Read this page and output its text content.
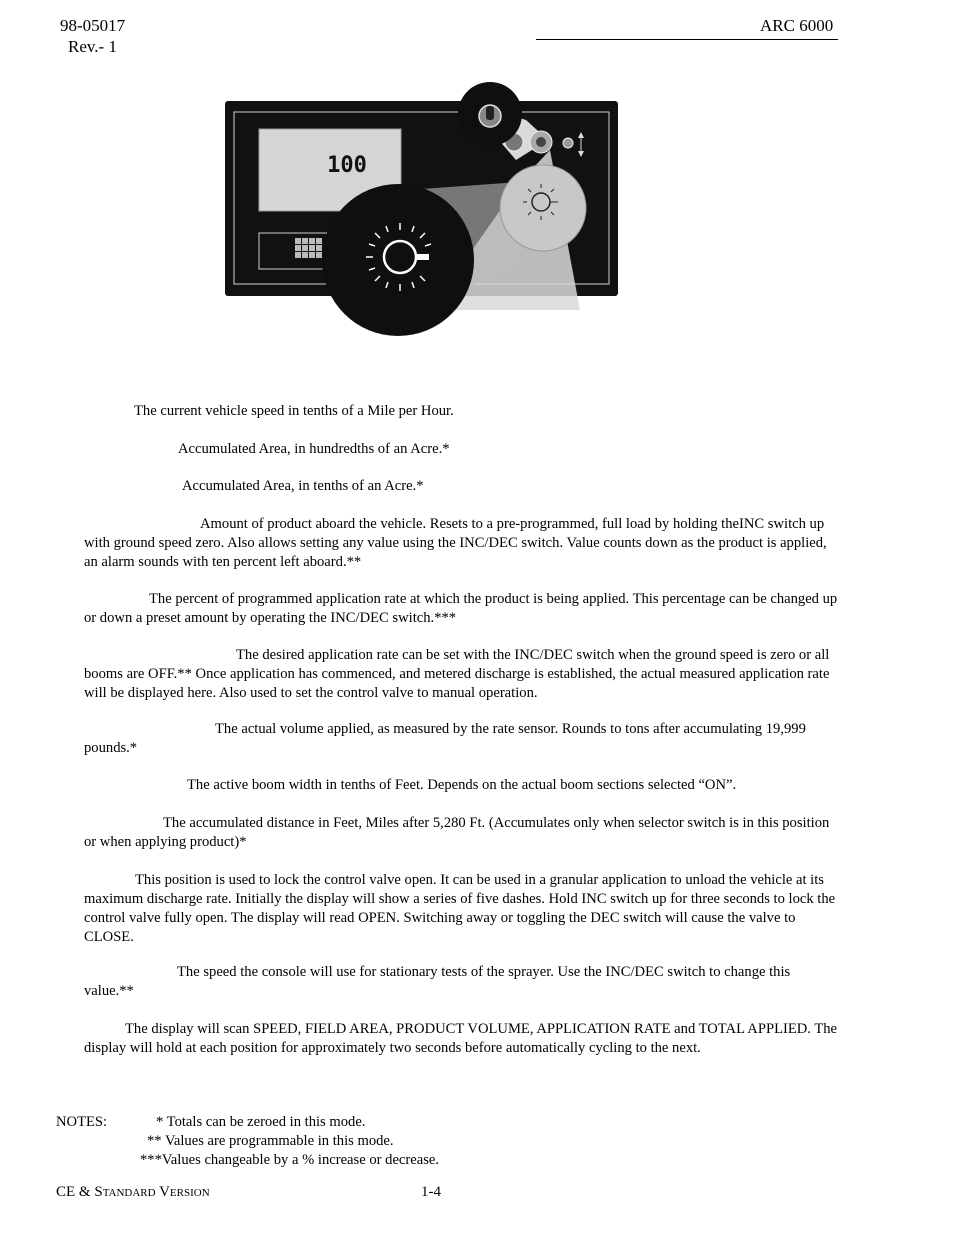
98-05017
Rev.- 1
ARC 6000
100
The current vehicle speed in tenths of a Mile per Hour.
Accumulated Area, in hundredths of an Acre.*
Accumulated Area, in tenths of an Acre.*
Amount of product aboard the vehicle. Resets to a pre-programmed, full load by holding theINC switch up with ground speed zero. Also allows setting any value using the INC/DEC switch. Value counts down as the product is applied, an alarm sounds with ten percent left aboard.**
The percent of programmed application rate at which the product is being applied. This percentage can be changed up or down a preset amount by operating the INC/DEC switch.***
The desired application rate can be set with the INC/DEC switch when the ground speed is zero or all booms are OFF.** Once application has commenced, and metered discharge is established, the actual measured application rate will be displayed here. Also used to set the control valve to manual operation.
The actual volume applied, as measured by the rate sensor. Rounds to tons after accumulating 19,999 pounds.*
The active boom width in tenths of Feet. Depends on the actual boom sections selected “ON”.
The accumulated distance in Feet, Miles after 5,280 Ft. (Accumulates only when selector switch is in this position or when applying product)*
This position is used to lock the control valve open. It can be used in a granular application to unload the vehicle at its maximum discharge rate. Initially the display will show a series of five dashes. Hold INC switch up for three seconds to lock the control valve fully open. The display will read OPEN. Switching away or toggling the DEC switch will cause the valve to CLOSE.
The speed the console will use for stationary tests of the sprayer. Use the INC/DEC switch to change this value.**
The display will scan SPEED, FIELD AREA, PRODUCT VOLUME, APPLICATION RATE and TOTAL APPLIED. The display will hold at each position for approximately two seconds before automatically cycling to the next.
NOTES:	* Totals can be zeroed in this mode.
** Values are programmable in this mode.
***Values changeable by a % increase or decrease.
CE & Standard Version	1-4
